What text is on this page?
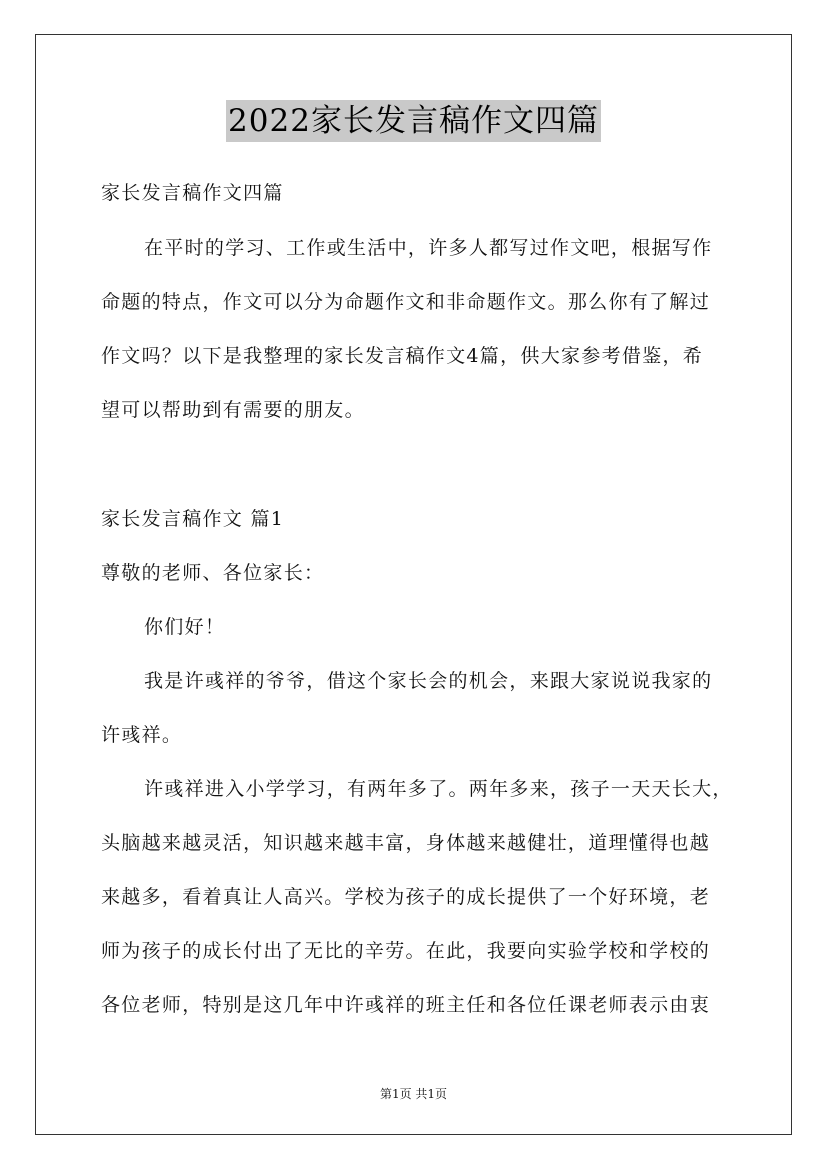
2022家长发言稿作文四篇
家长发言稿作文四篇
在平时的学习、工作或生活中，许多人都写过作文吧，根据写作
命题的特点，作文可以分为命题作文和非命题作文。那么你有了解过
作文吗？以下是我整理的家长发言稿作文4篇，供大家参考借鉴，希
望可以帮助到有需要的朋友。
家长发言稿作文 篇1
尊敬的老师、各位家长：
你们好！
我是许彧祥的爷爷，借这个家长会的机会，来跟大家说说我家的
许彧祥。
许彧祥进入小学学习，有两年多了。两年多来，孩子一天天长大，
头脑越来越灵活，知识越来越丰富，身体越来越健壮，道理懂得也越
来越多，看着真让人高兴。学校为孩子的成长提供了一个好环境，老
师为孩子的成长付出了无比的辛劳。在此，我要向实验学校和学校的
各位老师，特别是这几年中许彧祥的班主任和各位任课老师表示由衷
第1页 共1页
